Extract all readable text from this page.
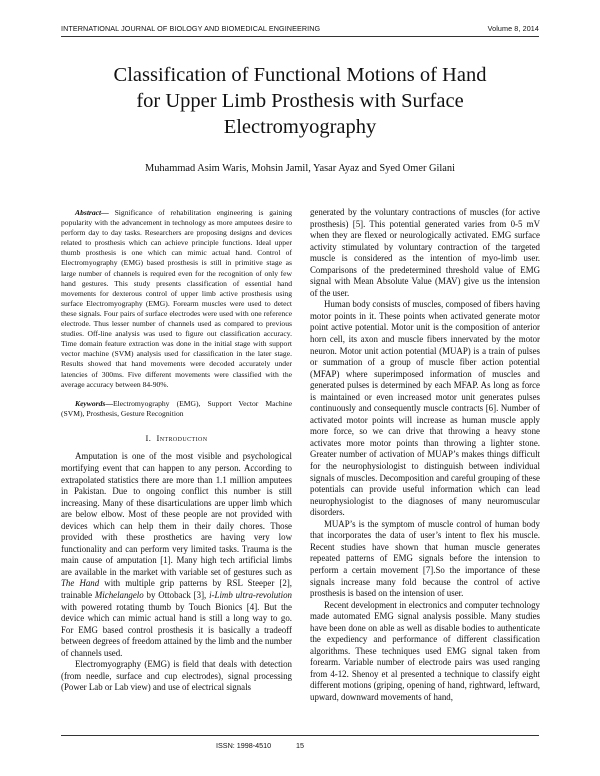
INTERNATIONAL JOURNAL OF BIOLOGY AND BIOMEDICAL ENGINEERING	Volume 8, 2014
Classification of Functional Motions of Hand
for Upper Limb Prosthesis with Surface
Electromyography
Muhammad Asim Waris, Mohsin Jamil, Yasar Ayaz and Syed Omer Gilani

Abstract— Significance of rehabilitation engineering is gaining popularity with the advancement in technology as more amputees desire to perform day to day tasks. Researchers are proposing designs and devices related to prosthesis which can achieve principle functions. Ideal upper thumb prosthesis is one which can mimic actual hand. Control of Electromyography (EMG) based prosthesis is still in primitive stage as large number of channels is required even for the recognition of only few hand gestures. This study presents classification of essential hand movements for dexterous control of upper limb active prosthesis using surface Electromyography (EMG). Forearm muscles were used to detect these signals. Four pairs of surface electrodes were used with one reference electrode. Thus lesser number of channels used as compared to previous studies. Off-line analysis was used to figure out classification accuracy. Time domain feature extraction was done in the initial stage with support vector machine (SVM) analysis used for classification in the later stage. Results showed that hand movements were decoded accurately under latencies of 300ms. Five different movements were classified with the average accuracy between 84-90%.

Keywords—Electromyography (EMG), Support Vector Machine (SVM), Prosthesis, Gesture Recognition

I. Introduction

Amputation is one of the most visible and psychological mortifying event that can happen to any person. According to extrapolated statistics there are more than 1.1 million amputees in Pakistan. Due to ongoing conflict this number is still increasing. Many of these disarticulations are upper limb which are below elbow. Most of these people are not provided with devices which can help them in their daily chores. Those provided with these prosthetics are having very low functionality and can perform very limited tasks. Trauma is the main cause of amputation [1]. Many high tech artificial limbs are available in the market with variable set of gestures such as The Hand with multiple grip patterns by RSL Steeper [2], trainable Michelangelo by Ottoback [3], i-Limb ultra-revolution with powered rotating thumb by Touch Bionics [4]. But the device which can mimic actual hand is still a long way to go. For EMG based control prosthesis it is basically a tradeoff between degrees of freedom attained by the limb and the number of channels used.

Electromyography (EMG) is field that deals with detection (from needle, surface and cup electrodes), signal processing (Power Lab or Lab view) and use of electrical signals

generated by the voluntary contractions of muscles (for active prosthesis) [5]. This potential generated varies from 0-5 mV when they are flexed or neurologically activated. EMG surface activity stimulated by voluntary contraction of the targeted muscle is considered as the intention of myo-limb user. Comparisons of the predetermined threshold value of EMG signal with Mean Absolute Value (MAV) give us the intension of the user.

Human body consists of muscles, composed of fibers having motor points in it. These points when activated generate motor point active potential. Motor unit is the composition of anterior horn cell, its axon and muscle fibers innervated by the motor neuron. Motor unit action potential (MUAP) is a train of pulses or summation of a group of muscle fiber action potential (MFAP) where superimposed information of muscles and generated pulses is determined by each MFAP. As long as force is maintained or even increased motor unit generates pulses continuously and consequently muscle contracts [6]. Number of activated motor points will increase as human muscle apply more force, so we can drive that throwing a heavy stone activates more motor points than throwing a lighter stone. Greater number of activation of MUAP’s makes things difficult for the neurophysiologist to distinguish between individual signals of muscles. Decomposition and careful grouping of these potentials can provide useful information which can lead neurophysiologist to the diagnoses of many neuromuscular disorders.

MUAP’s is the symptom of muscle control of human body that incorporates the data of user’s intent to flex his muscle. Recent studies have shown that human muscle generates repeated patterns of EMG signals before the intension to perform a certain movement [7].So the importance of these signals increase many fold because the control of active prosthesis is based on the intension of user.

Recent development in electronics and computer technology made automated EMG signal analysis possible. Many studies have been done on able as well as disable bodies to authenticate the expediency and performance of different classification algorithms. These techniques used EMG signal taken from forearm. Variable number of electrode pairs was used ranging from 4-12. Shenoy et al presented a technique to classify eight different motions (griping, opening of hand, rightward, leftward, upward, downward movements of hand,

ISSN: 1998-4510	15
